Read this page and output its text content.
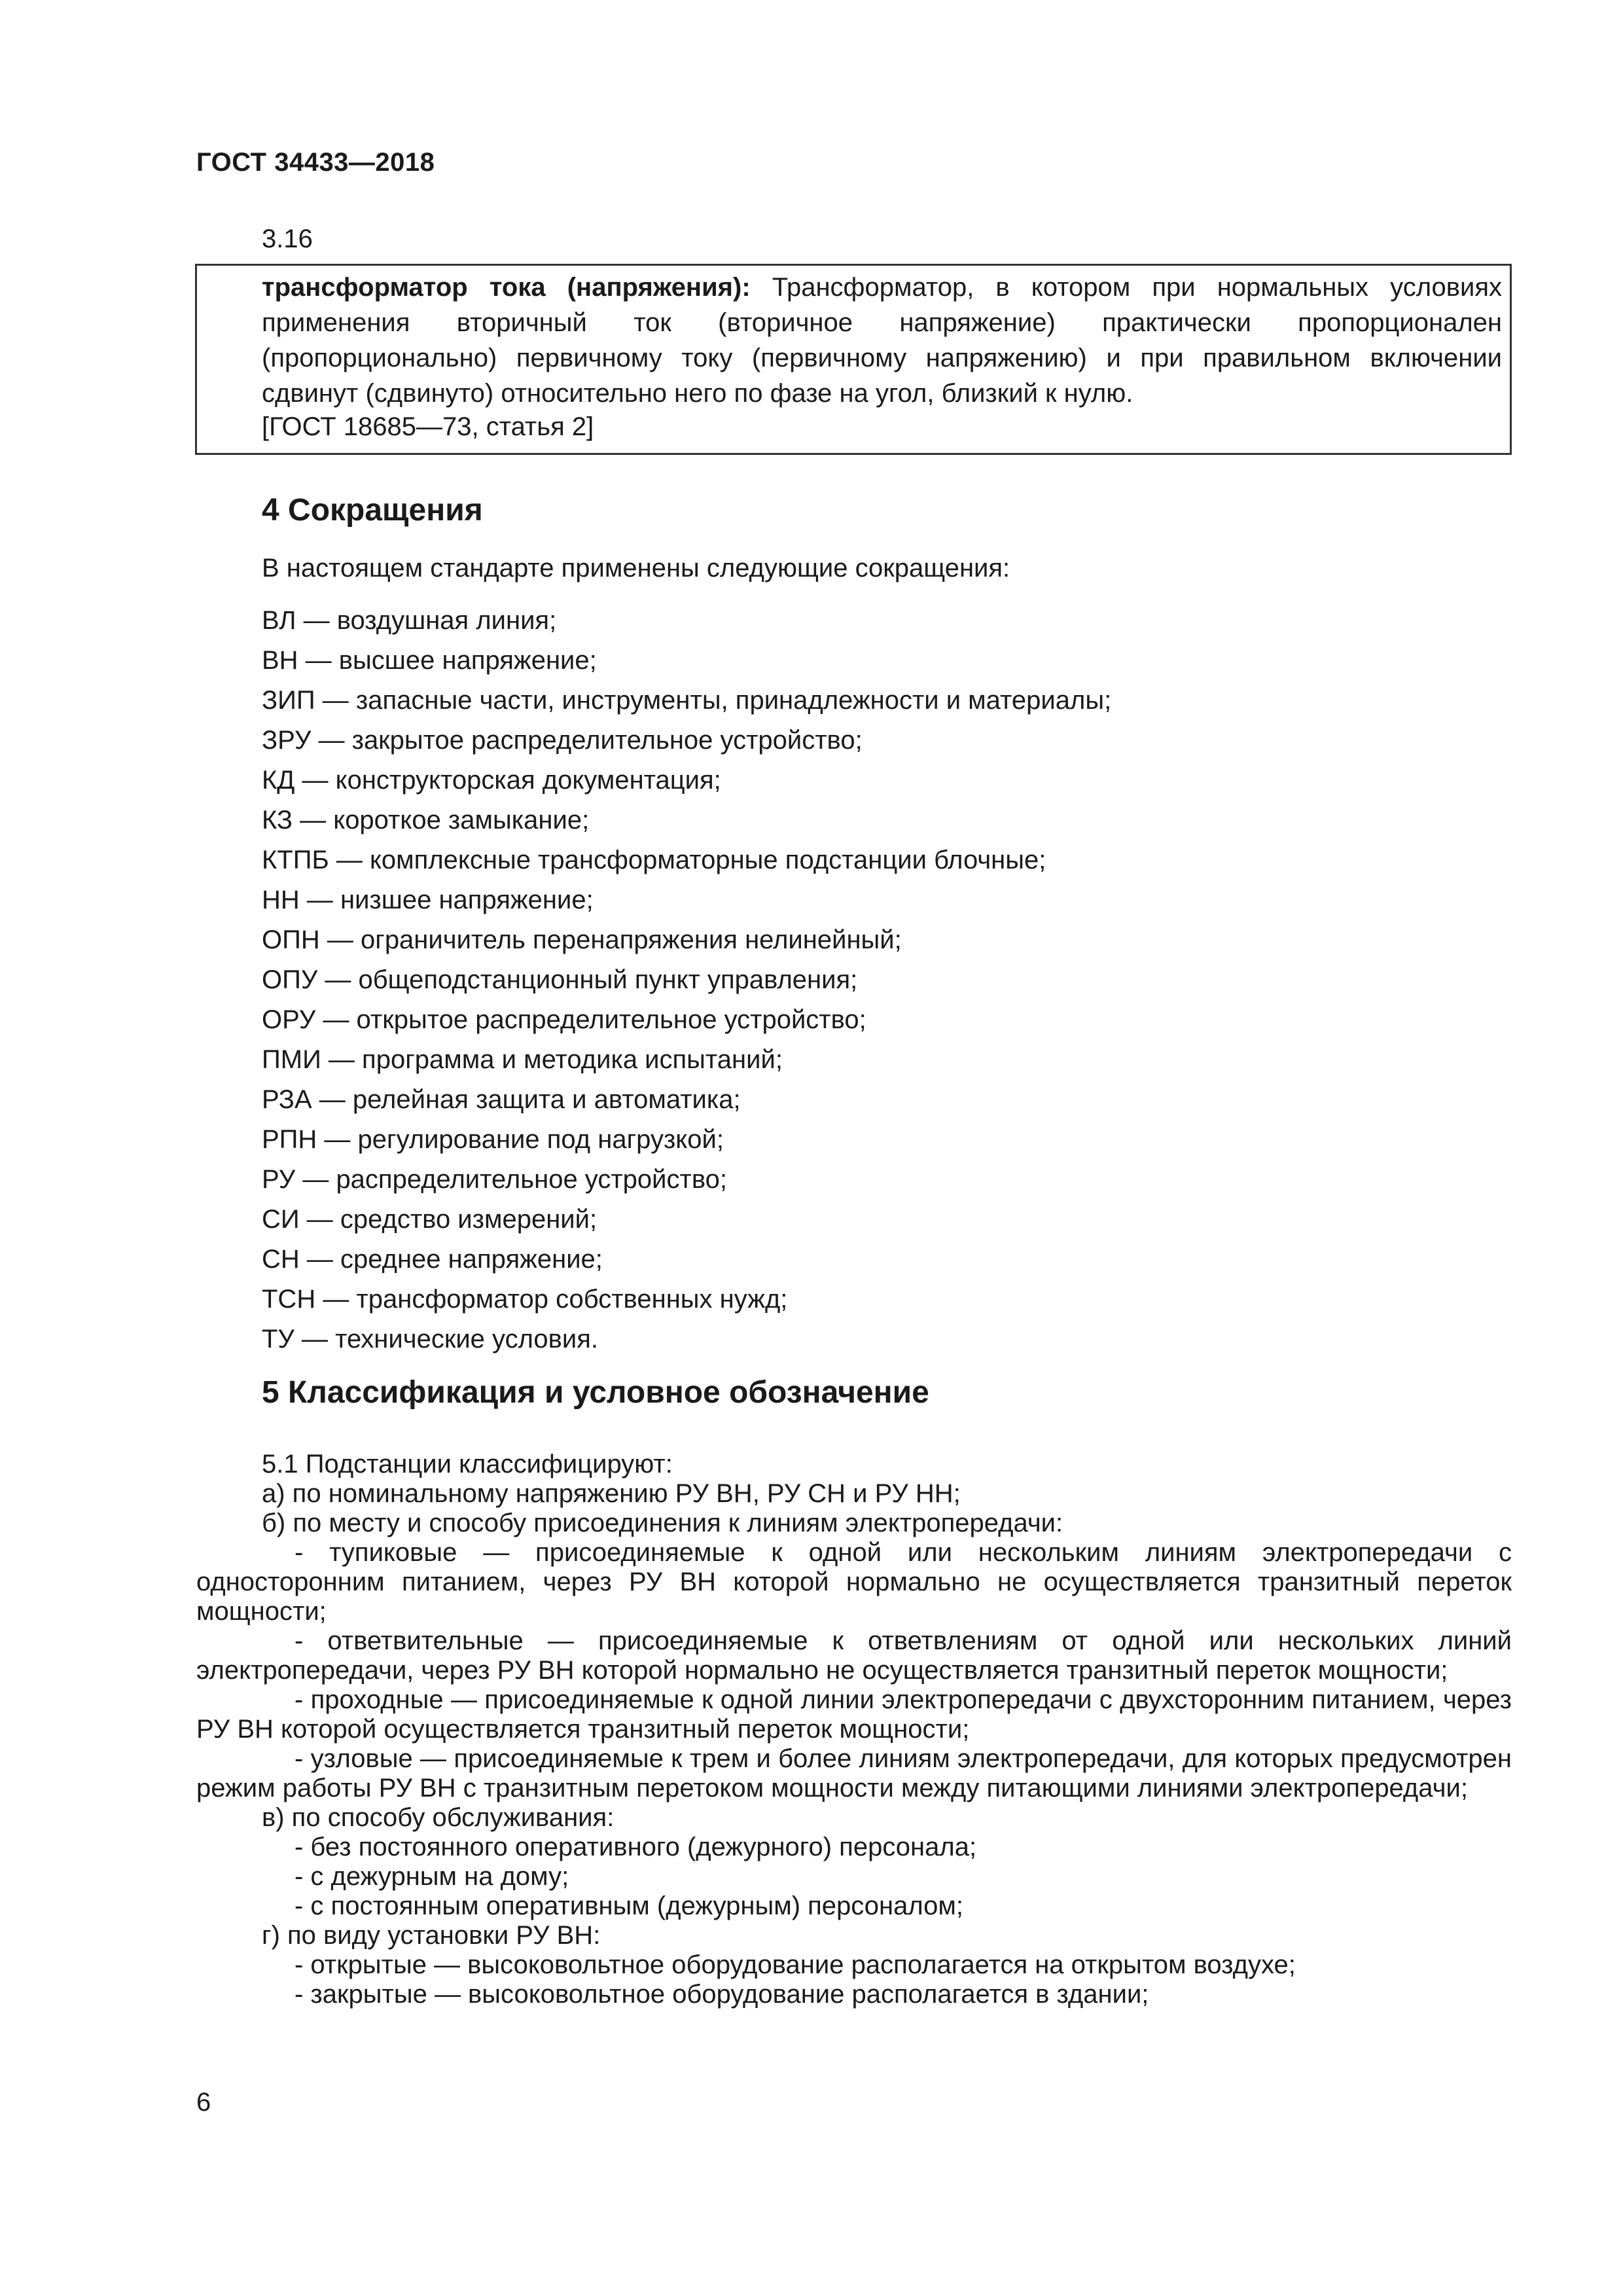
ГОСТ 34433—2018
3.16
трансформатор тока (напряжения): Трансформатор, в котором при нормальных условиях применения вторичный ток (вторичное напряжение) практически пропорционален (пропорционально) первичному току (первичному напряжению) и при правильном включении сдвинут (сдвинуто) относительно него по фазе на угол, близкий к нулю.
[ГОСТ 18685—73, статья 2]
4 Сокращения
В настоящем стандарте применены следующие сокращения:
ВЛ — воздушная линия;
ВН — высшее напряжение;
ЗИП — запасные части, инструменты, принадлежности и материалы;
ЗРУ — закрытое распределительное устройство;
КД — конструкторская документация;
КЗ — короткое замыкание;
КТПБ — комплексные трансформаторные подстанции блочные;
НН — низшее напряжение;
ОПН — ограничитель перенапряжения нелинейный;
ОПУ — общеподстанционный пункт управления;
ОРУ — открытое распределительное устройство;
ПМИ — программа и методика испытаний;
РЗА — релейная защита и автоматика;
РПН — регулирование под нагрузкой;
РУ — распределительное устройство;
СИ — средство измерений;
СН — среднее напряжение;
ТСН — трансформатор собственных нужд;
ТУ — технические условия.
5 Классификация и условное обозначение

5.1 Подстанции классифицируют:

а) по номинальному напряжению РУ ВН, РУ СН и РУ НН;

б) по месту и способу присоединения к линиям электропередачи:

- тупиковые — присоединяемые к одной или нескольким линиям электропередачи с односторонним питанием, через РУ ВН которой нормально не осуществляется транзитный переток мощности;

- ответвительные — присоединяемые к ответвлениям от одной или нескольких линий электропередачи, через РУ ВН которой нормально не осуществляется транзитный переток мощности;

- проходные — присоединяемые к одной линии электропередачи с двухсторонним питанием, через РУ ВН которой осуществляется транзитный переток мощности;

- узловые — присоединяемые к трем и более линиям электропередачи, для которых предусмотрен режим работы РУ ВН с транзитным перетоком мощности между питающими линиями электропередачи;

в) по способу обслуживания:

- без постоянного оперативного (дежурного) персонала;

- с дежурным на дому;

- с постоянным оперативным (дежурным) персоналом;

г) по виду установки РУ ВН:

- открытые — высоковольтное оборудование располагается на открытом воздухе;

- закрытые — высоковольтное оборудование располагается в здании;

6
